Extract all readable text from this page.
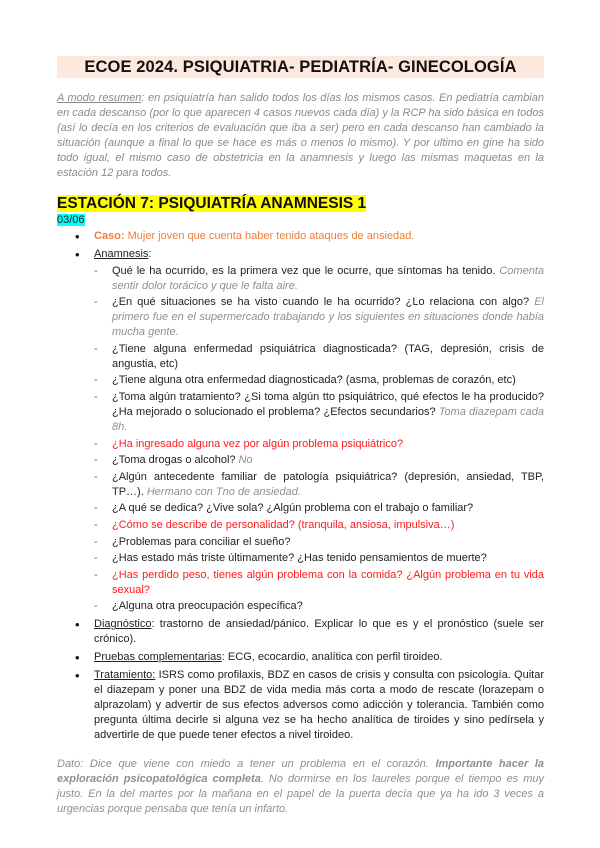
ECOE 2024. PSIQUIATRIA- PEDIATRÍA- GINECOLOGÍA
A modo resumen: en psiquiatría han salido todos los días los mismos casos. En pediatría cambian en cada descanso (por lo que aparecen 4 casos nuevos cada día) y la RCP ha sido básica en todos (así lo decía en los criterios de evaluación que iba a ser) pero en cada descanso han cambiado la situación (aunque a final lo que se hace es más o menos lo mismo). Y por ultimo en gine ha sido todo igual, el mismo caso de obstetricia en la anamnesis y luego las mismas maquetas en la estación 12 para todos.
ESTACIÓN 7: PSIQUIATRÍA ANAMNESIS 1
03/06
• Caso: Mujer joven que cuenta haber tenido ataques de ansiedad.
• Anamnesis:
- Qué le ha ocurrido, es la primera vez que le ocurre, que síntomas ha tenido. Comenta sentir dolor torácico y que le falta aire.
- ¿En qué situaciones se ha visto cuando le ha ocurrido? ¿Lo relaciona con algo? El primero fue en el supermercado trabajando y los siguientes en situaciones donde había mucha gente.
- ¿Tiene alguna enfermedad psiquiátrica diagnosticada? (TAG, depresión, crisis de angustia, etc)
- ¿Tiene alguna otra enfermedad diagnosticada? (asma, problemas de corazón, etc)
- ¿Toma algún tratamiento? ¿Si toma algún tto psiquiátrico, qué efectos le ha producido? ¿Ha mejorado o solucionado el problema? ¿Efectos secundarios? Toma diazepam cada 8h.
- ¿Ha ingresado alguna vez por algún problema psiquiátrico?
- ¿Toma drogas o alcohol? No
- ¿Algún antecedente familiar de patología psiquiátrica? (depresión, ansiedad, TBP, TP…). Hermano con Tno de ansiedad.
- ¿A qué se dedica? ¿Vive sola? ¿Algún problema con el trabajo o familiar?
- ¿Cómo se describe de personalidad? (tranquila, ansiosa, impulsiva…)
- ¿Problemas para conciliar el sueño?
- ¿Has estado más triste últimamente? ¿Has tenido pensamientos de muerte?
- ¿Has perdido peso, tienes algún problema con la comida? ¿Algún problema en tu vida sexual?
- ¿Alguna otra preocupación específica?
• Diagnóstico: trastorno de ansiedad/pánico. Explicar lo que es y el pronóstico (suele ser crónico).
• Pruebas complementarias: ECG, ecocardio, analítica con perfil tiroideo.
• Tratamiento: ISRS como profilaxis, BDZ en casos de crisis y consulta con psicología. Quitar el diazepam y poner una BDZ de vida media más corta a modo de rescate (lorazepam o alprazolam) y advertir de sus efectos adversos como adicción y tolerancia. También como pregunta última decirle si alguna vez se ha hecho analítica de tiroides y sino pedírsela y advertirle de que puede tener efectos a nivel tiroideo.
Dato: Dice que viene con miedo a tener un problema en el corazón. Importante hacer la exploración psicopatológica completa. No dormirse en los laureles porque el tiempo es muy justo. En la del martes por la mañana en el papel de la puerta decía que ya ha ido 3 veces a urgencias porque pensaba que tenía un infarto.
